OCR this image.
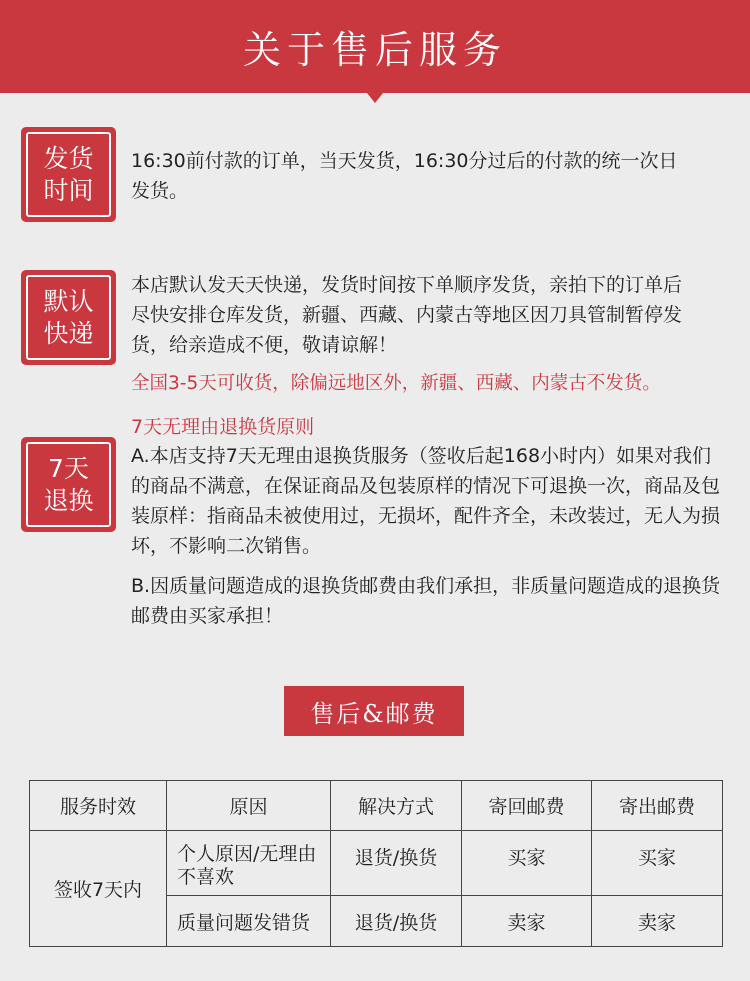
关于售后服务
发货
时间

16:30前付款的订单，当天发货，16:30分过后的付款的统一次日发货。

默认
快递

本店默认发天天快递，发货时间按下单顺序发货，亲拍下的订单后尽快安排仓库发货，新疆、西藏、内蒙古等地区因刀具管制暂停发货，给亲造成不便，敬请谅解！

全国3-5天可收货，除偏远地区外，新疆、西藏、内蒙古不发货。

7天
退换

7天无理由退换货原则

A.本店支持7天无理由退换货服务（签收后起168小时内）如果对我们的商品不满意，在保证商品及包装原样的情况下可退换一次，商品及包装原样：指商品未被使用过，无损坏，配件齐全，未改装过，无人为损坏，不影响二次销售。

B.因质量问题造成的退换货邮费由我们承担，非质量问题造成的退换货邮费由买家承担！

售后&邮费
服务时效	原因	解决方式	寄回邮费	寄出邮费
签收7天内	个人原因/无理由不喜欢	退货/换货	买家	买家
	质量问题发错货	退货/换货	卖家	卖家
